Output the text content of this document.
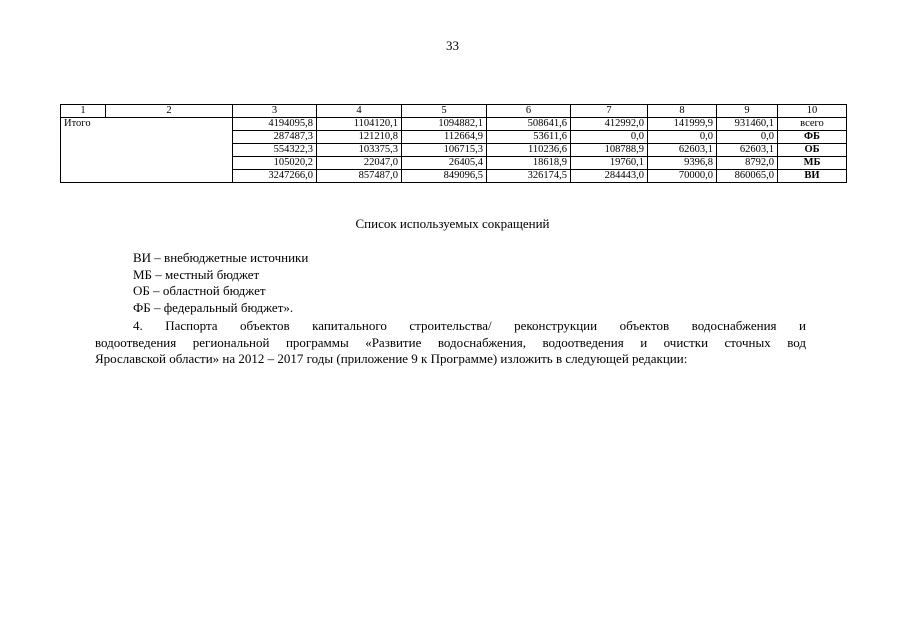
33
1	2	3	4	5	6	7	8	9	10
Итого		4194095,8	1104120,1	1094882,1	508641,6	412992,0	141999,9	931460,1	всего
		287487,3	121210,8	112664,9	53611,6	0,0	0,0	0,0	ФБ
		554322,3	103375,3	106715,3	110236,6	108788,9	62603,1	62603,1	ОБ
		105020,2	22047,0	26405,4	18618,9	19760,1	9396,8	8792,0	МБ
		3247266,0	857487,0	849096,5	326174,5	284443,0	70000,0	860065,0	ВИ
Список используемых сокращений
ВИ – внебюджетные источники
МБ – местный бюджет
ОБ – областной бюджет
ФБ – федеральный бюджет».
4. Паспорта объектов капитального строительства/ реконструкции объектов водоснабжения и
водоотведения региональной программы «Развитие водоснабжения, водоотведения и очистки сточных вод
Ярославской области» на 2012 – 2017 годы (приложение 9 к Программе) изложить в следующей редакции:
